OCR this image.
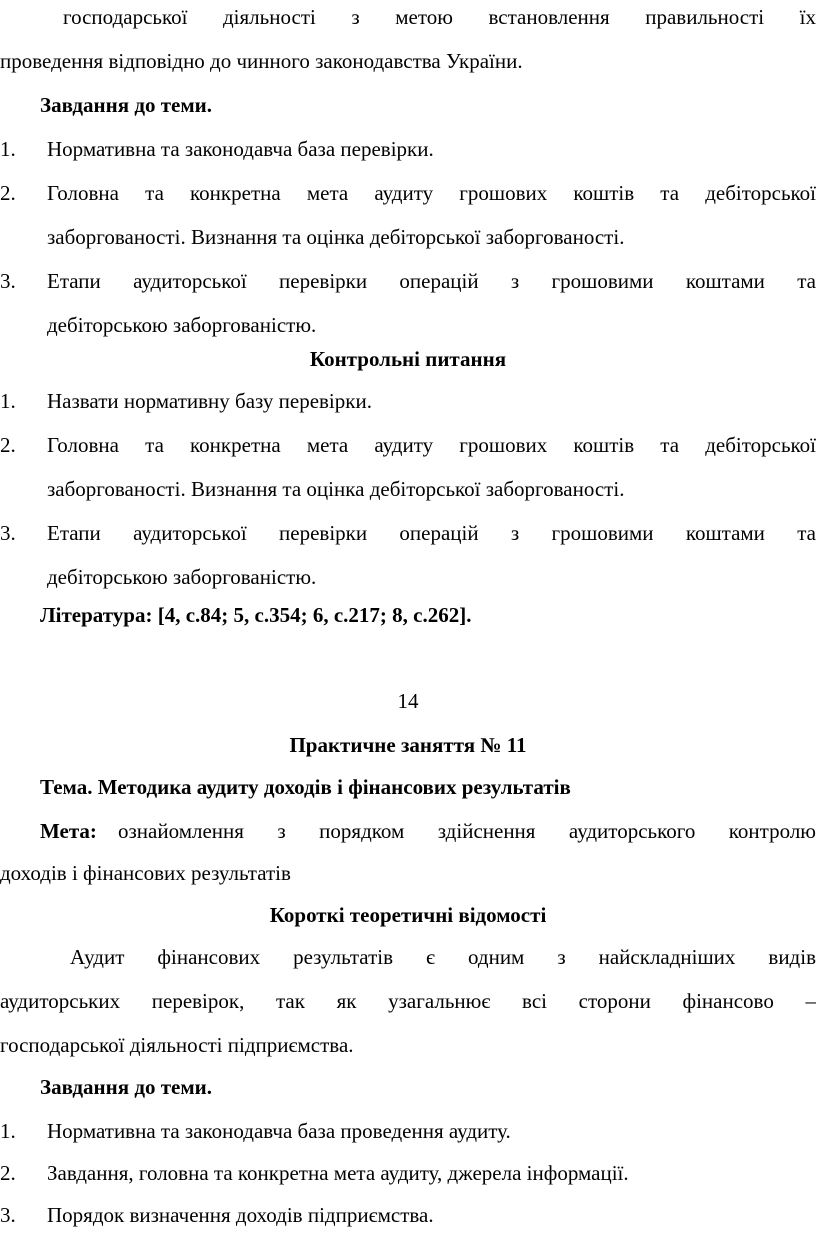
господарської діяльності з метою встановлення правильності їх
проведення відповідно до чинного законодавства України.
Завдання до теми.
1. Нормативна та законодавча база перевірки.
2. Головна та конкретна мета аудиту грошових коштів та дебіторської
заборгованості. Визнання та оцінка дебіторської заборгованості.
3. Етапи аудиторської перевірки операцій з грошовими коштами та
дебіторською заборгованістю.
Контрольні питання
1. Назвати нормативну базу перевірки.
2. Головна та конкретна мета аудиту грошових коштів та дебіторської
заборгованості. Визнання та оцінка дебіторської заборгованості.
3. Етапи аудиторської перевірки операцій з грошовими коштами та
дебіторською заборгованістю.
Література: [4, с.84; 5, с.354; 6, с.217; 8, с.262].
14
Практичне заняття № 11
Тема. Методика аудиту доходів і фінансових результатів
Мета: ознайомлення з порядком здійснення аудиторського контролю
доходів і фінансових результатів
Короткі теоретичні відомості
Аудит фінансових результатів є одним з найскладніших видів
аудиторських перевірок, так як узагальнює всі сторони фінансово –
господарської діяльності підприємства.
Завдання до теми.
1. Нормативна та законодавча база проведення аудиту.
2. Завдання, головна та конкретна мета аудиту, джерела інформації.
3. Порядок визначення доходів підприємства.
